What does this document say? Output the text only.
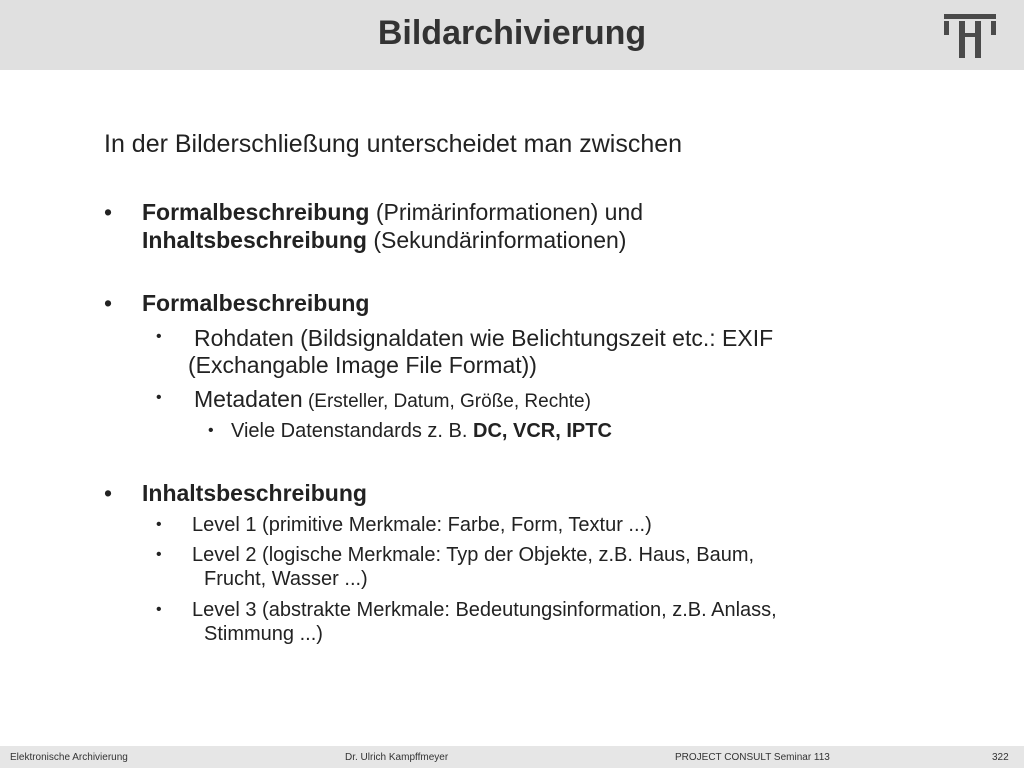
Bildarchivierung
In der Bilderschließung unterscheidet man zwischen
• Formalbeschreibung (Primärinformationen) und
Inhaltsbeschreibung (Sekundärinformationen)
• Formalbeschreibung
• Rohdaten (Bildsignaldaten wie Belichtungszeit etc.: EXIF
(Exchangable Image File Format))
• Metadaten (Ersteller, Datum, Größe, Rechte)
• Viele Datenstandards z. B. DC, VCR, IPTC
• Inhaltsbeschreibung
• Level 1 (primitive Merkmale: Farbe, Form, Textur ...)
• Level 2 (logische Merkmale: Typ der Objekte, z.B. Haus, Baum,
Frucht, Wasser ...)
• Level 3 (abstrakte Merkmale: Bedeutungsinformation, z.B. Anlass,
Stimmung ...)
Elektronische Archivierung	Dr. Ulrich Kampffmeyer	PROJECT CONSULT Seminar 113	322
